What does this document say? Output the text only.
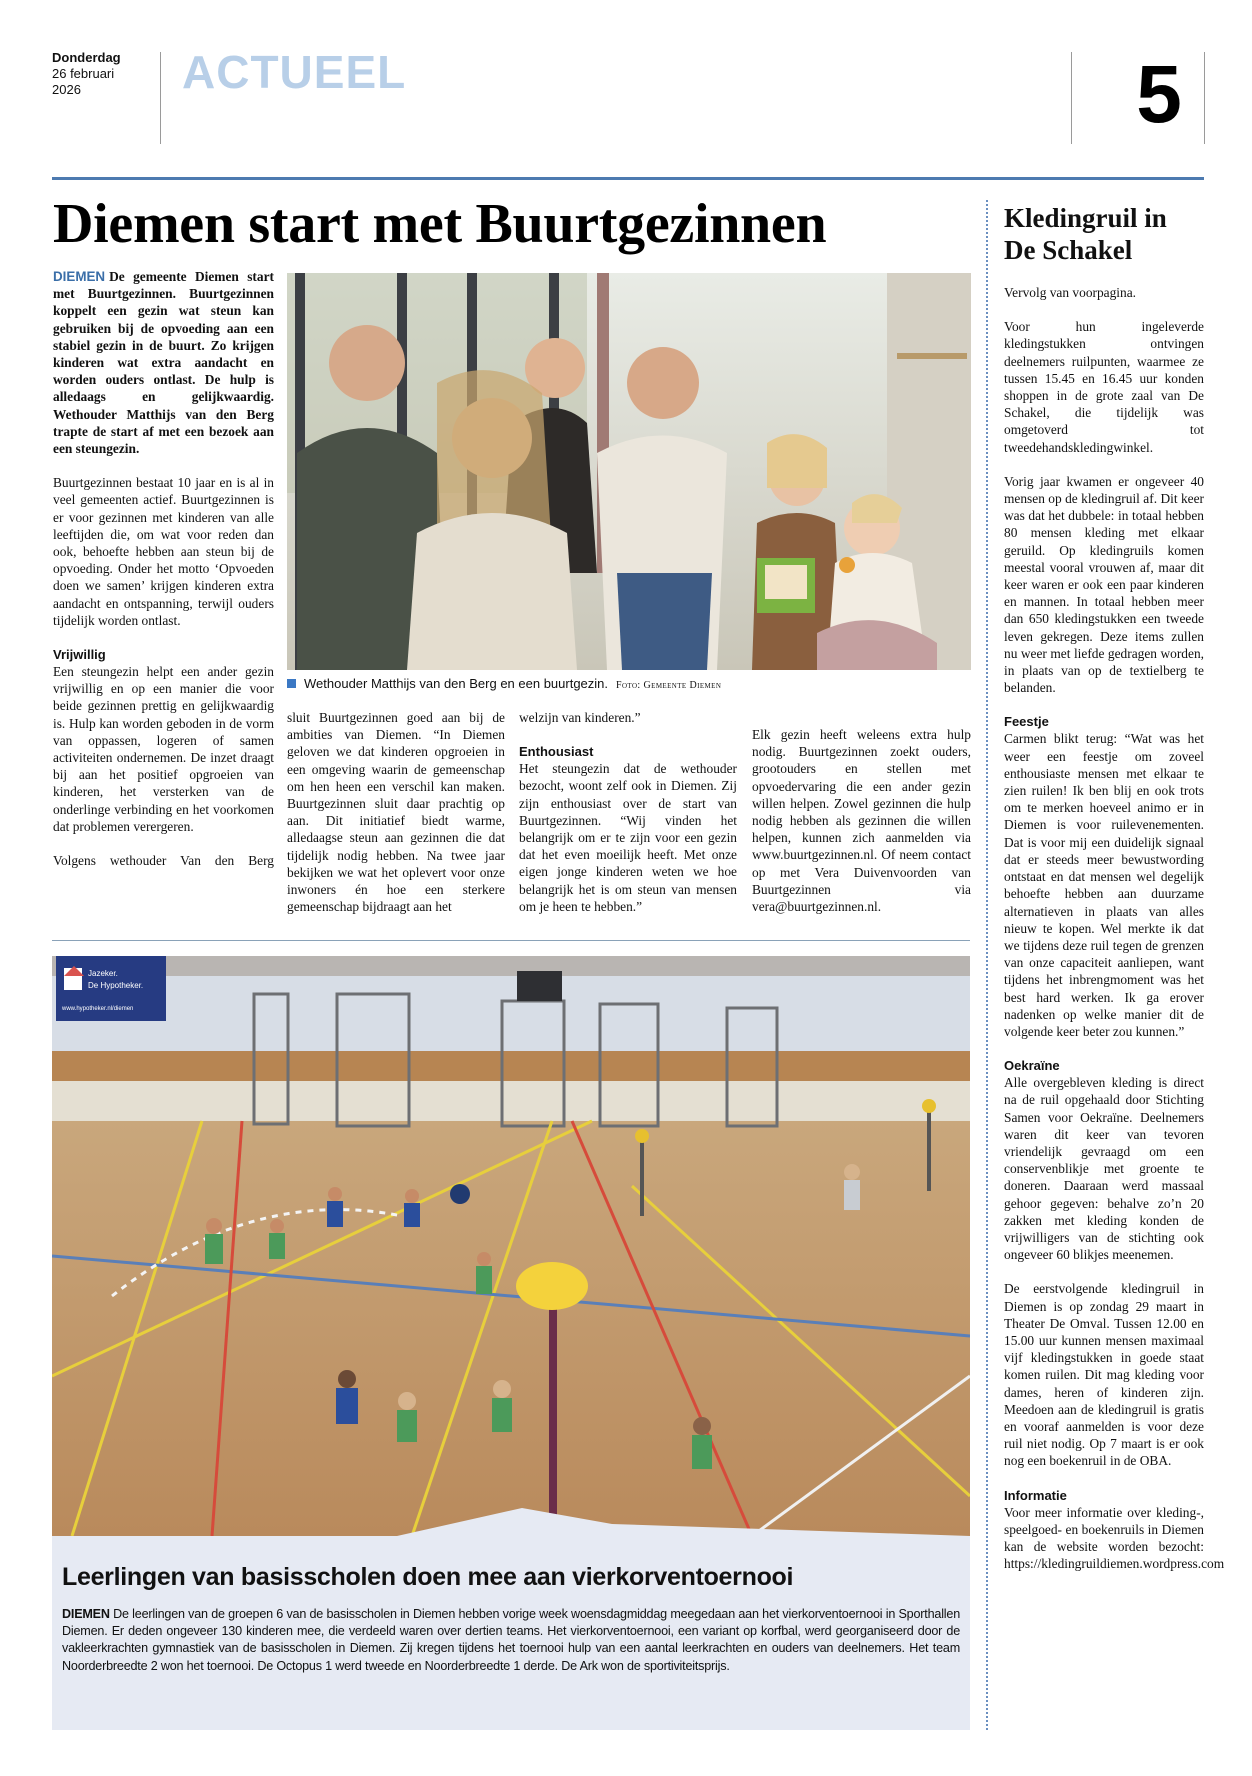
Donderdag
26 februari
2026	ACTUEEL	5
Diemen start met Buurtgezinnen

DIEMEN De gemeente Diemen start met Buurtgezinnen. Buurtgezinnen koppelt een gezin wat steun kan gebruiken bij de opvoeding aan een stabiel gezin in de buurt. Zo krijgen kinderen wat extra aandacht en worden ouders ontlast. De hulp is alledaags en gelijkwaardig. Wethouder Matthijs van den Berg trapte de start af met een bezoek aan een steungezin.

Buurtgezinnen bestaat 10 jaar en is al in veel gemeenten actief. Buurtgezinnen is er voor gezinnen met kinderen van alle leeftijden die, om wat voor reden dan ook, behoefte hebben aan steun bij de opvoeding. Onder het motto ‘Opvoeden doen we samen’ krijgen kinderen extra aandacht en ontspanning, terwijl ouders tijdelijk worden ontlast.

Vrijwillig

Een steungezin helpt een ander gezin vrijwillig en op een manier die voor beide gezinnen prettig en gelijkwaardig is. Hulp kan worden geboden in de vorm van oppassen, logeren of samen activiteiten ondernemen. De inzet draagt bij aan het positief opgroeien van kinderen, het versterken van de onderlinge verbinding en het voorkomen dat problemen verergeren.

Volgens wethouder Van den Berg

Wethouder Matthijs van den Berg en een buurtgezin. Foto: Gemeente Diemen

sluit Buurtgezinnen goed aan bij de ambities van Diemen. “In Diemen geloven we dat kinderen opgroeien in een omgeving waarin de gemeenschap om hen heen een verschil kan maken. Buurtgezinnen sluit daar prachtig op aan. Dit initiatief biedt warme, alledaagse steun aan gezinnen die dat tijdelijk nodig hebben. Na twee jaar bekijken we wat het oplevert voor onze inwoners én hoe een sterkere gemeenschap bijdraagt aan het

welzijn van kinderen.”

Enthousiast

Het steungezin dat de wethouder bezocht, woont zelf ook in Diemen. Zij zijn enthousiast over de start van Buurtgezinnen. “Wij vinden het belangrijk om er te zijn voor een gezin dat het even moeilijk heeft. Met onze eigen jonge kinderen weten we hoe belangrijk het is om steun van mensen om je heen te hebben.”

Elk gezin heeft weleens extra hulp nodig. Buurtgezinnen zoekt ouders, grootouders en stellen met opvoedervaring die een ander gezin willen helpen. Zowel gezinnen die hulp nodig hebben als gezinnen die willen helpen, kunnen zich aanmelden via www.buurtgezinnen.nl. Of neem contact op met Vera Duivenvoorden van Buurtgezinnen via vera@buurtgezinnen.nl.

Jazeker.
De Hypotheker.
www.hypotheker.nl/diemen
Leerlingen van basisscholen doen mee aan vierkorventoernooi
DIEMEN De leerlingen van de groepen 6 van de basisscholen in Diemen hebben vorige week woensdagmiddag meegedaan aan het vierkorventoernooi in Sporthallen Diemen. Er deden ongeveer 130 kinderen mee, die verdeeld waren over dertien teams. Het vierkorventoernooi, een variant op korfbal, werd georganiseerd door de vakleerkrachten gymnastiek van de basisscholen in Diemen. Zij kregen tijdens het toernooi hulp van een aantal leerkrachten en ouders van deelnemers. Het team Noorderbreedte 2 won het toernooi. De Octopus 1 werd tweede en Noorderbreedte 1 derde. De Ark won de sportiviteitsprijs.
Kledingruil in De Schakel

Vervolg van voorpagina.

Voor hun ingeleverde kledingstukken ontvingen deelnemers ruilpunten, waarmee ze tussen 15.45 en 16.45 uur konden shoppen in de grote zaal van De Schakel, die tijdelijk was omgetoverd tot tweedehandskledingwinkel.

Vorig jaar kwamen er ongeveer 40 mensen op de kledingruil af. Dit keer was dat het dubbele: in totaal hebben 80 mensen kleding met elkaar geruild. Op kledingruils komen meestal vooral vrouwen af, maar dit keer waren er ook een paar kinderen en mannen. In totaal hebben meer dan 650 kledingstukken een tweede leven gekregen. Deze items zullen nu weer met liefde gedragen worden, in plaats van op de textielberg te belanden.

Feestje

Carmen blikt terug: “Wat was het weer een feestje om zoveel enthousiaste mensen met elkaar te zien ruilen! Ik ben blij en ook trots om te merken hoeveel animo er in Diemen is voor ruilevenementen. Dat is voor mij een duidelijk signaal dat er steeds meer bewustwording ontstaat en dat mensen wel degelijk behoefte hebben aan duurzame alternatieven in plaats van alles nieuw te kopen. Wel merkte ik dat we tijdens deze ruil tegen de grenzen van onze capaciteit aanliepen, want tijdens het inbrengmoment was het best hard werken. Ik ga erover nadenken op welke manier dit de volgende keer beter zou kunnen.”

Oekraïne

Alle overgebleven kleding is direct na de ruil opgehaald door Stichting Samen voor Oekraïne. Deelnemers waren dit keer van tevoren vriendelijk gevraagd om een conservenblikje met groente te doneren. Daaraan werd massaal gehoor gegeven: behalve zo’n 20 zakken met kleding konden de vrijwilligers van de stichting ook ongeveer 60 blikjes meenemen.

De eerstvolgende kledingruil in Diemen is op zondag 29 maart in Theater De Omval. Tussen 12.00 en 15.00 uur kunnen mensen maximaal vijf kledingstukken in goede staat komen ruilen. Dit mag kleding voor dames, heren of kinderen zijn. Meedoen aan de kledingruil is gratis en vooraf aanmelden is voor deze ruil niet nodig. Op 7 maart is er ook nog een boekenruil in de OBA.

Informatie

Voor meer informatie over kleding-, speelgoed- en boekenruils in Diemen kan de website worden bezocht: https://kledingruildiemen.wordpress.com
